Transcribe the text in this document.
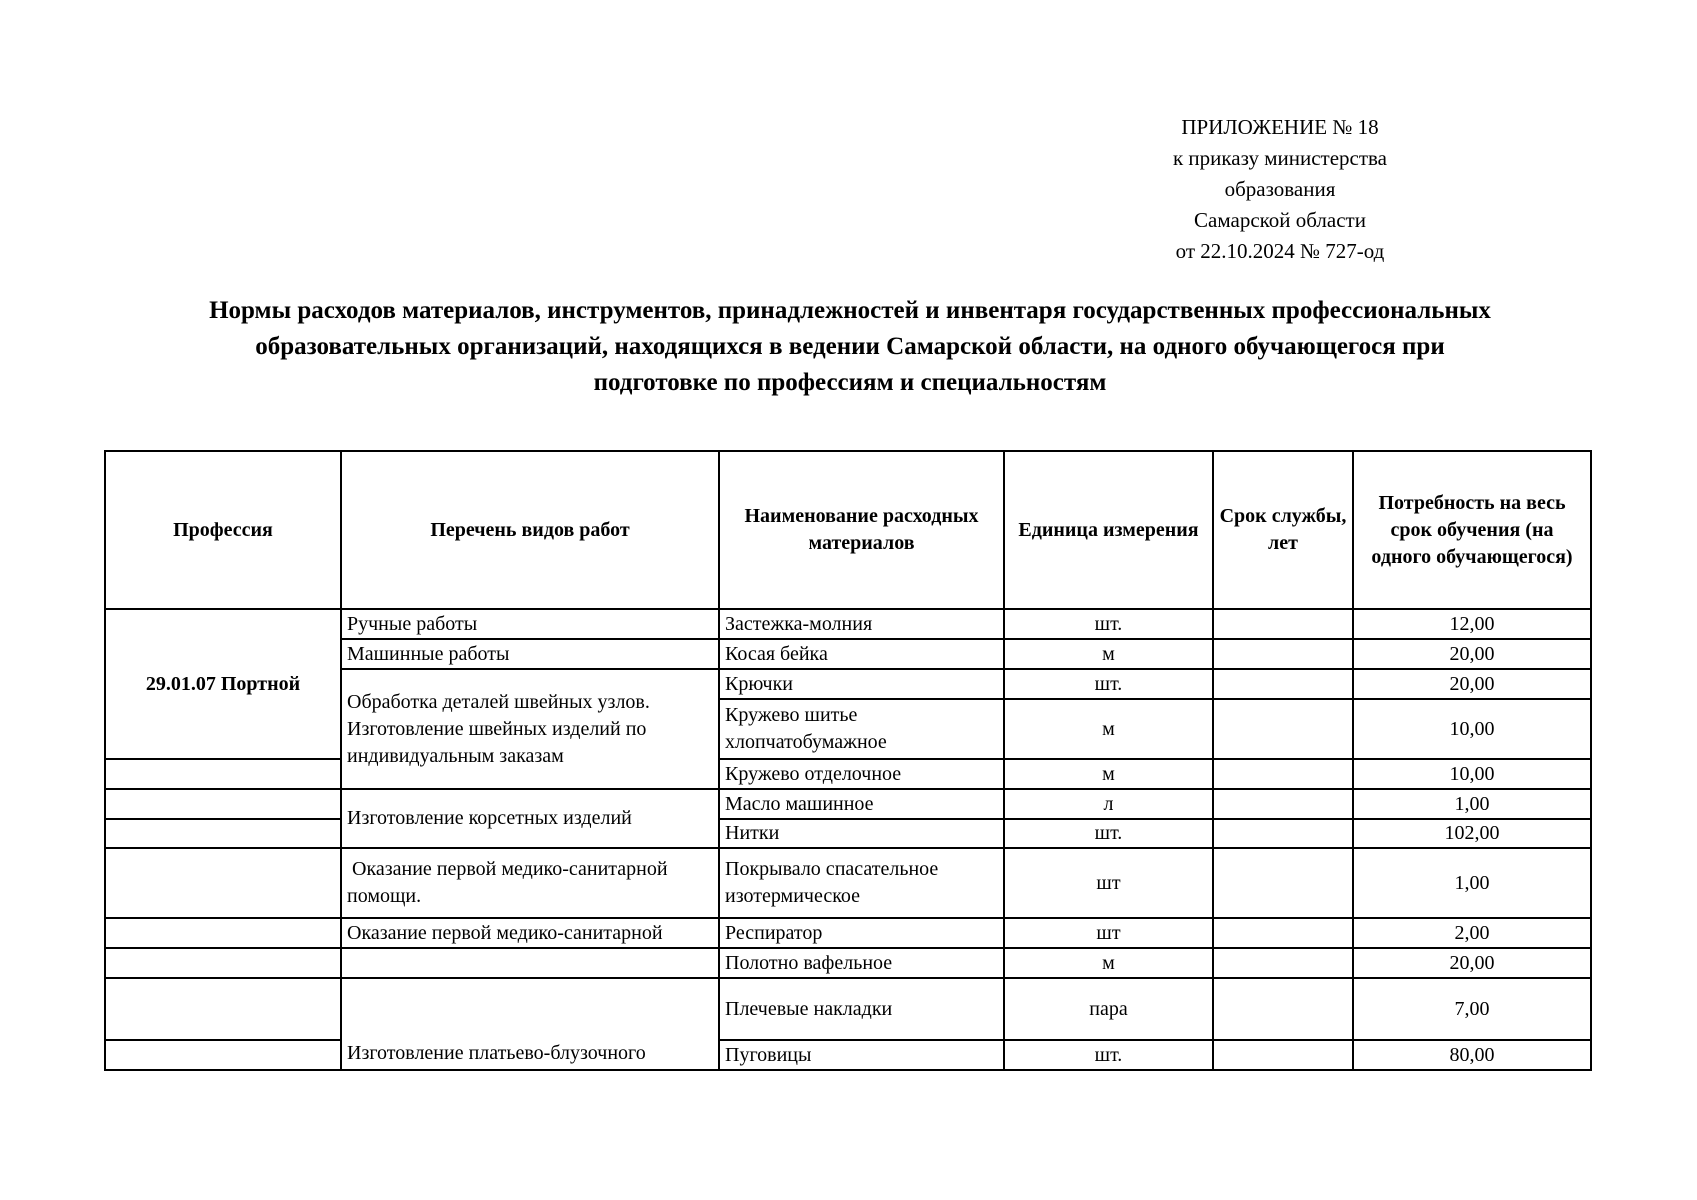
ПРИЛОЖЕНИЕ № 18
к приказу министерства
образования
Самарской области
от 22.10.2024 № 727-од
Нормы расходов материалов, инструментов, принадлежностей и инвентаря государственных профессиональных
образовательных организаций, находящихся в ведении Самарской области, на одного обучающегося при
подготовке по профессиям и специальностям
Профессия	Перечень видов работ	Наименование расходных материалов	Единица измерения	Срок службы, лет	Потребность на весь срок обучения (на одного обучающегося)
29.01.07 Портной	Ручные работы	Застежка-молния	шт.		12,00
	Машинные работы	Косая бейка	м		20,00
	Обработка деталей швейных узлов. Изготовление швейных изделий по индивидуальным заказам	Крючки	шт.		20,00
		Кружево шитье хлопчатобумажное	м		10,00
		Кружево отделочное	м		10,00
	Изготовление корсетных изделий	Масло машинное	л		1,00
		Нитки	шт.		102,00
	Оказание первой медико-санитарной помощи.	Покрывало спасательное изотермическое	шт		1,00
	Оказание первой медико-санитарной	Респиратор	шт		2,00
		Полотно вафельное	м		20,00
	Изготовление платьево-блузочного	Плечевые накладки	пара		7,00
		Пуговицы	шт.		80,00
